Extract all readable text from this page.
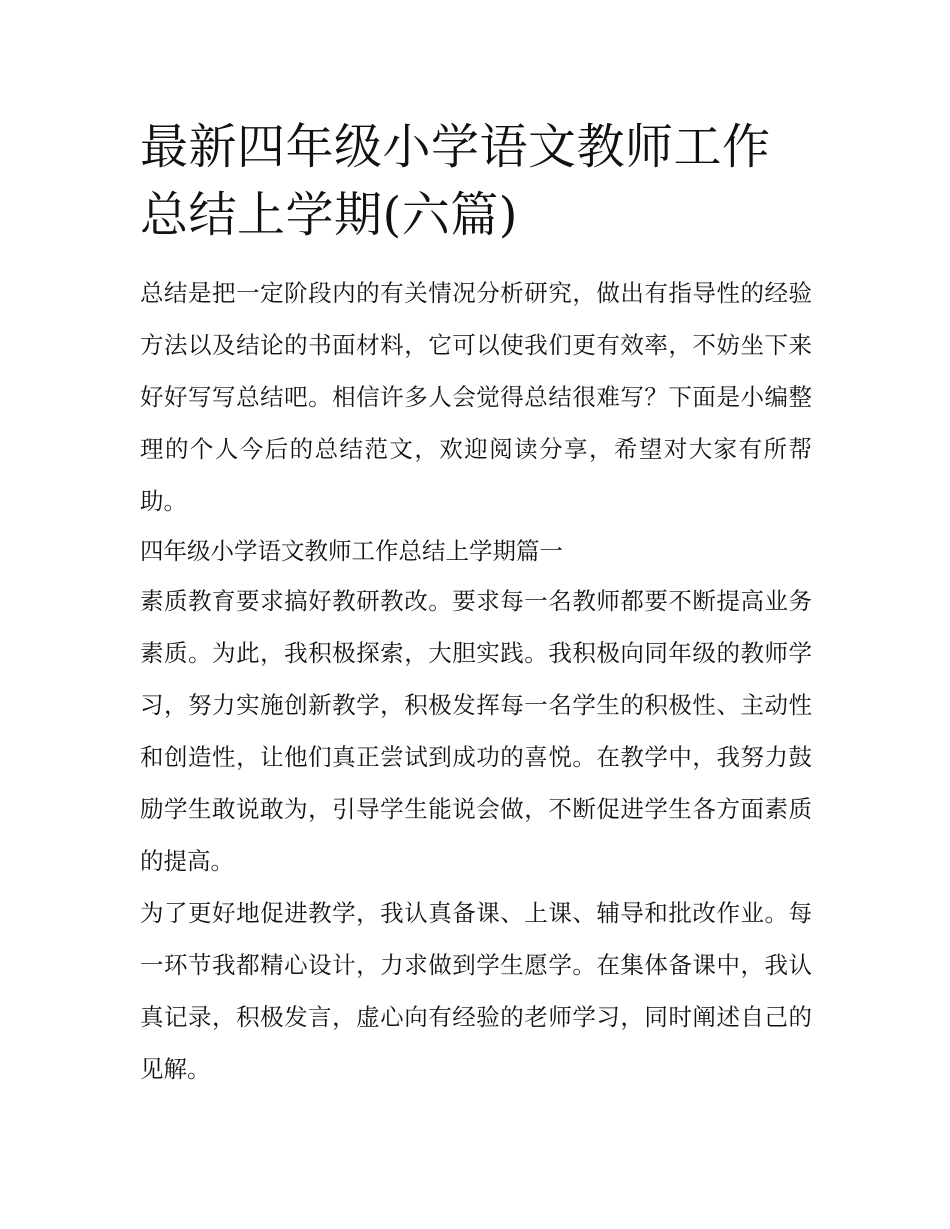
最新四年级小学语文教师工作总结上学期(六篇)

总结是把一定阶段内的有关情况分析研究，做出有指导性的经验方法以及结论的书面材料，它可以使我们更有效率，不妨坐下来好好写写总结吧。相信许多人会觉得总结很难写？下面是小编整理的个人今后的总结范文，欢迎阅读分享，希望对大家有所帮助。

四年级小学语文教师工作总结上学期篇一

素质教育要求搞好教研教改。要求每一名教师都要不断提高业务素质。为此，我积极探索，大胆实践。我积极向同年级的教师学习，努力实施创新教学，积极发挥每一名学生的积极性、主动性和创造性，让他们真正尝试到成功的喜悦。在教学中，我努力鼓励学生敢说敢为，引导学生能说会做，不断促进学生各方面素质的提高。

为了更好地促进教学，我认真备课、上课、辅导和批改作业。每一环节我都精心设计，力求做到学生愿学。在集体备课中，我认真记录，积极发言，虚心向有经验的老师学习，同时阐述自己的见解。
